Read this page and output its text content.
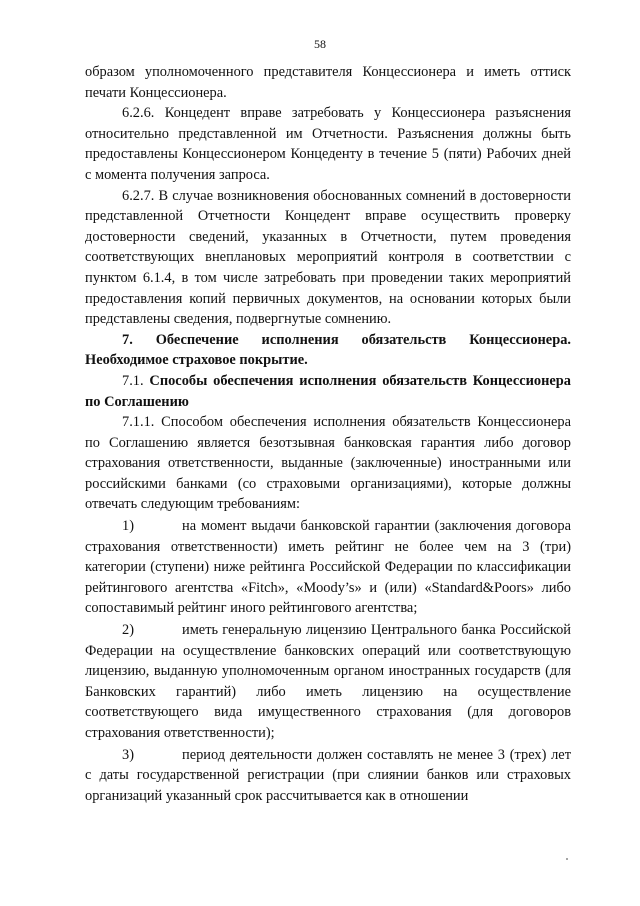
58

образом уполномоченного представителя Концессионера и иметь оттиск печати Концессионера.

6.2.6. Концедент вправе затребовать у Концессионера разъяснения относительно представленной им Отчетности. Разъяснения должны быть предоставлены Концессионером Концеденту в течение 5 (пяти) Рабочих дней с момента получения запроса.

6.2.7. В случае возникновения обоснованных сомнений в достоверности представленной Отчетности Концедент вправе осуществить проверку достоверности сведений, указанных в Отчетности, путем проведения соответствующих внеплановых мероприятий контроля в соответствии с пунктом 6.1.4, в том числе затребовать при проведении таких мероприятий предоставления копий первичных документов, на основании которых были представлены сведения, подвергнутые сомнению.

7. Обеспечение исполнения обязательств Концессионера. Необходимое страховое покрытие.

7.1. Способы обеспечения исполнения обязательств Концессионера по Соглашению

7.1.1. Способом обеспечения исполнения обязательств Концессионера по Соглашению является безотзывная банковская гарантия либо договор страхования ответственности, выданные (заключенные) иностранными или российскими банками (со страховыми организациями), которые должны отвечать следующим требованиям:

1)	на момент выдачи банковской гарантии (заключения договора страхования ответственности) иметь рейтинг не более чем на 3 (три) категории (ступени) ниже рейтинга Российской Федерации по классификации рейтингового агентства «Fitch», «Moody’s» и (или) «Standard&Poors» либо сопоставимый рейтинг иного рейтингового агентства;

2)	иметь генеральную лицензию Центрального банка Российской Федерации на осуществление банковских операций или соответствующую лицензию, выданную уполномоченным органом иностранных государств (для Банковских гарантий) либо иметь лицензию на осуществление соответствующего вида имущественного страхования (для договоров страхования ответственности);

3)	период деятельности должен составлять не менее 3 (трех) лет с даты государственной регистрации (при слиянии банков или страховых организаций указанный срок рассчитывается как в отношении
